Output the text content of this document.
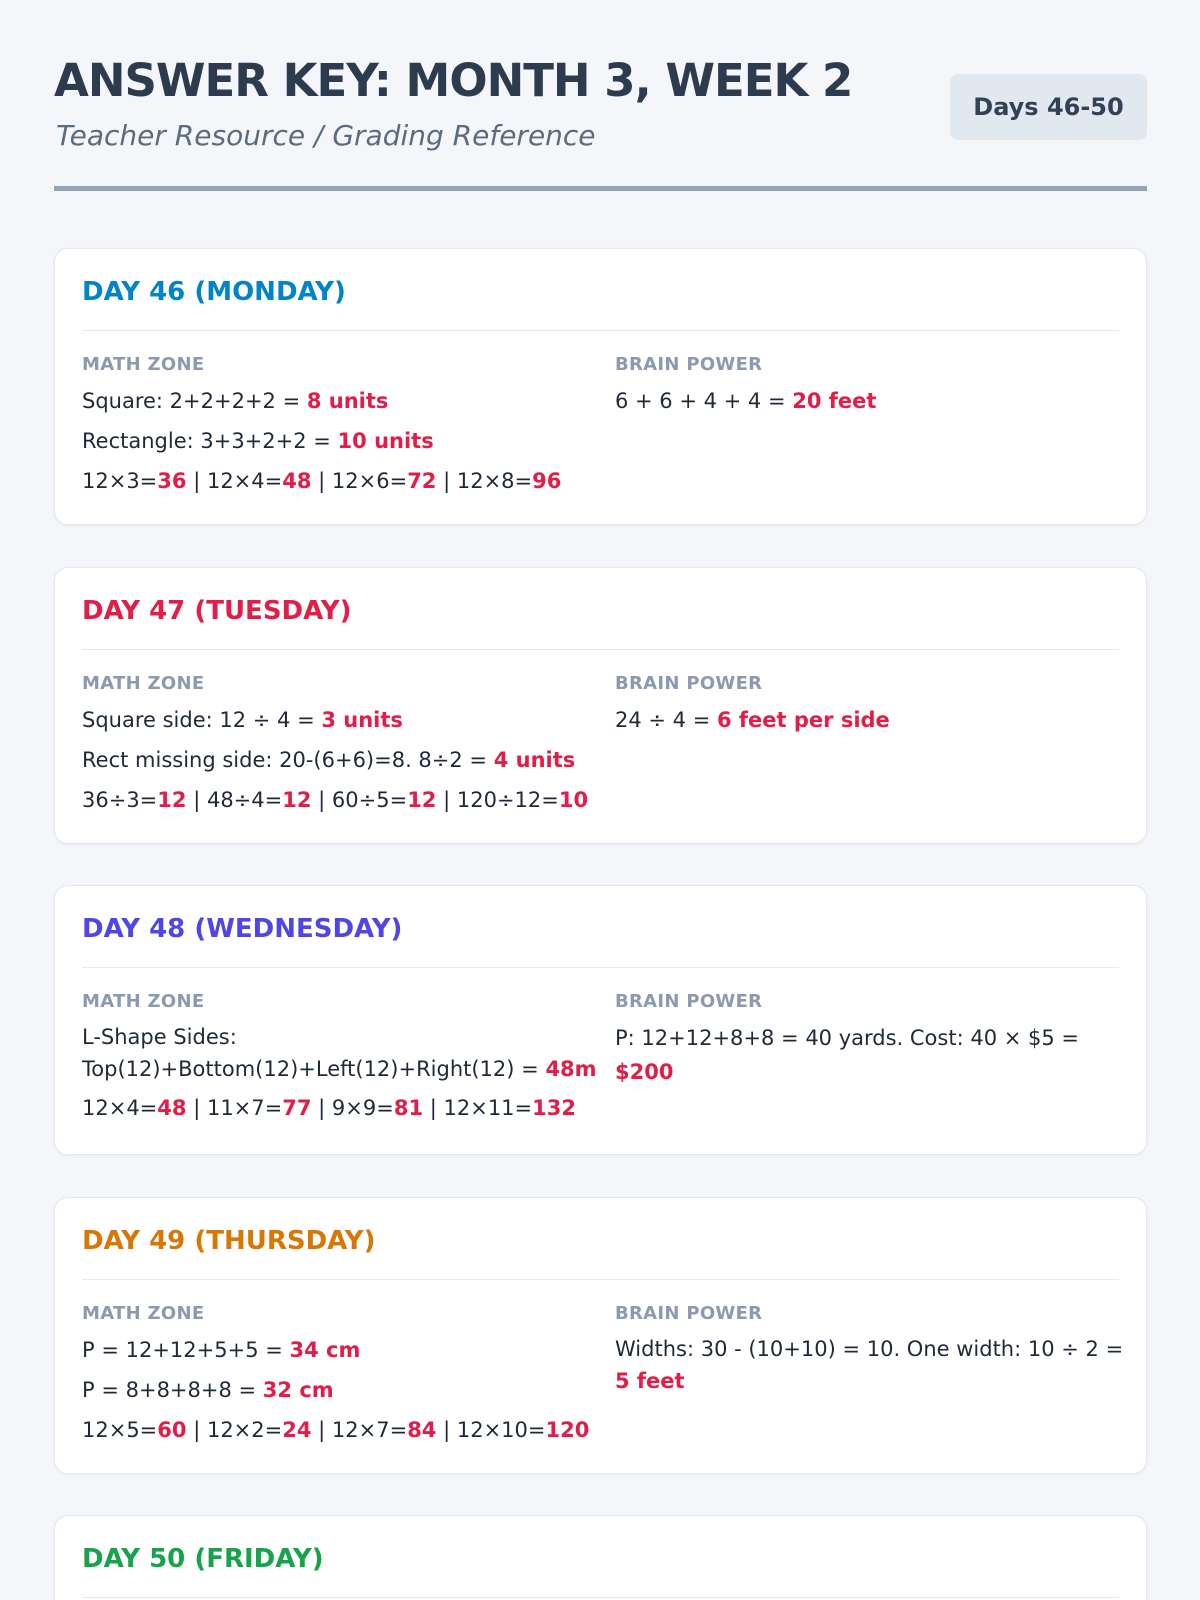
ANSWER KEY: MONTH 3, WEEK 2
Teacher Resource / Grading Reference
Days 46-50
DAY 46 (MONDAY)
MATH ZONE
Square: 2+2+2+2 = 8 units
Rectangle: 3+3+2+2 = 10 units
12×3=36 | 12×4=48 | 12×6=72 | 12×8=96
BRAIN POWER
6 + 6 + 4 + 4 = 20 feet
DAY 47 (TUESDAY)
MATH ZONE
Square side: 12 ÷ 4 = 3 units
Rect missing side: 20-(6+6)=8. 8÷2 = 4 units
36÷3=12 | 48÷4=12 | 60÷5=12 | 120÷12=10
BRAIN POWER
24 ÷ 4 = 6 feet per side
DAY 48 (WEDNESDAY)
MATH ZONE
L-Shape Sides: Top(12)+Bottom(12)+Left(12)+Right(12) = 48m
12×4=48 | 11×7=77 | 9×9=81 | 12×11=132
BRAIN POWER
P: 12+12+8+8 = 40 yards. Cost: 40 × $5 = $200
DAY 49 (THURSDAY)
MATH ZONE
P = 12+12+5+5 = 34 cm
P = 8+8+8+8 = 32 cm
12×5=60 | 12×2=24 | 12×7=84 | 12×10=120
BRAIN POWER
Widths: 30 - (10+10) = 10. One width: 10 ÷ 2 = 5 feet
DAY 50 (FRIDAY)
